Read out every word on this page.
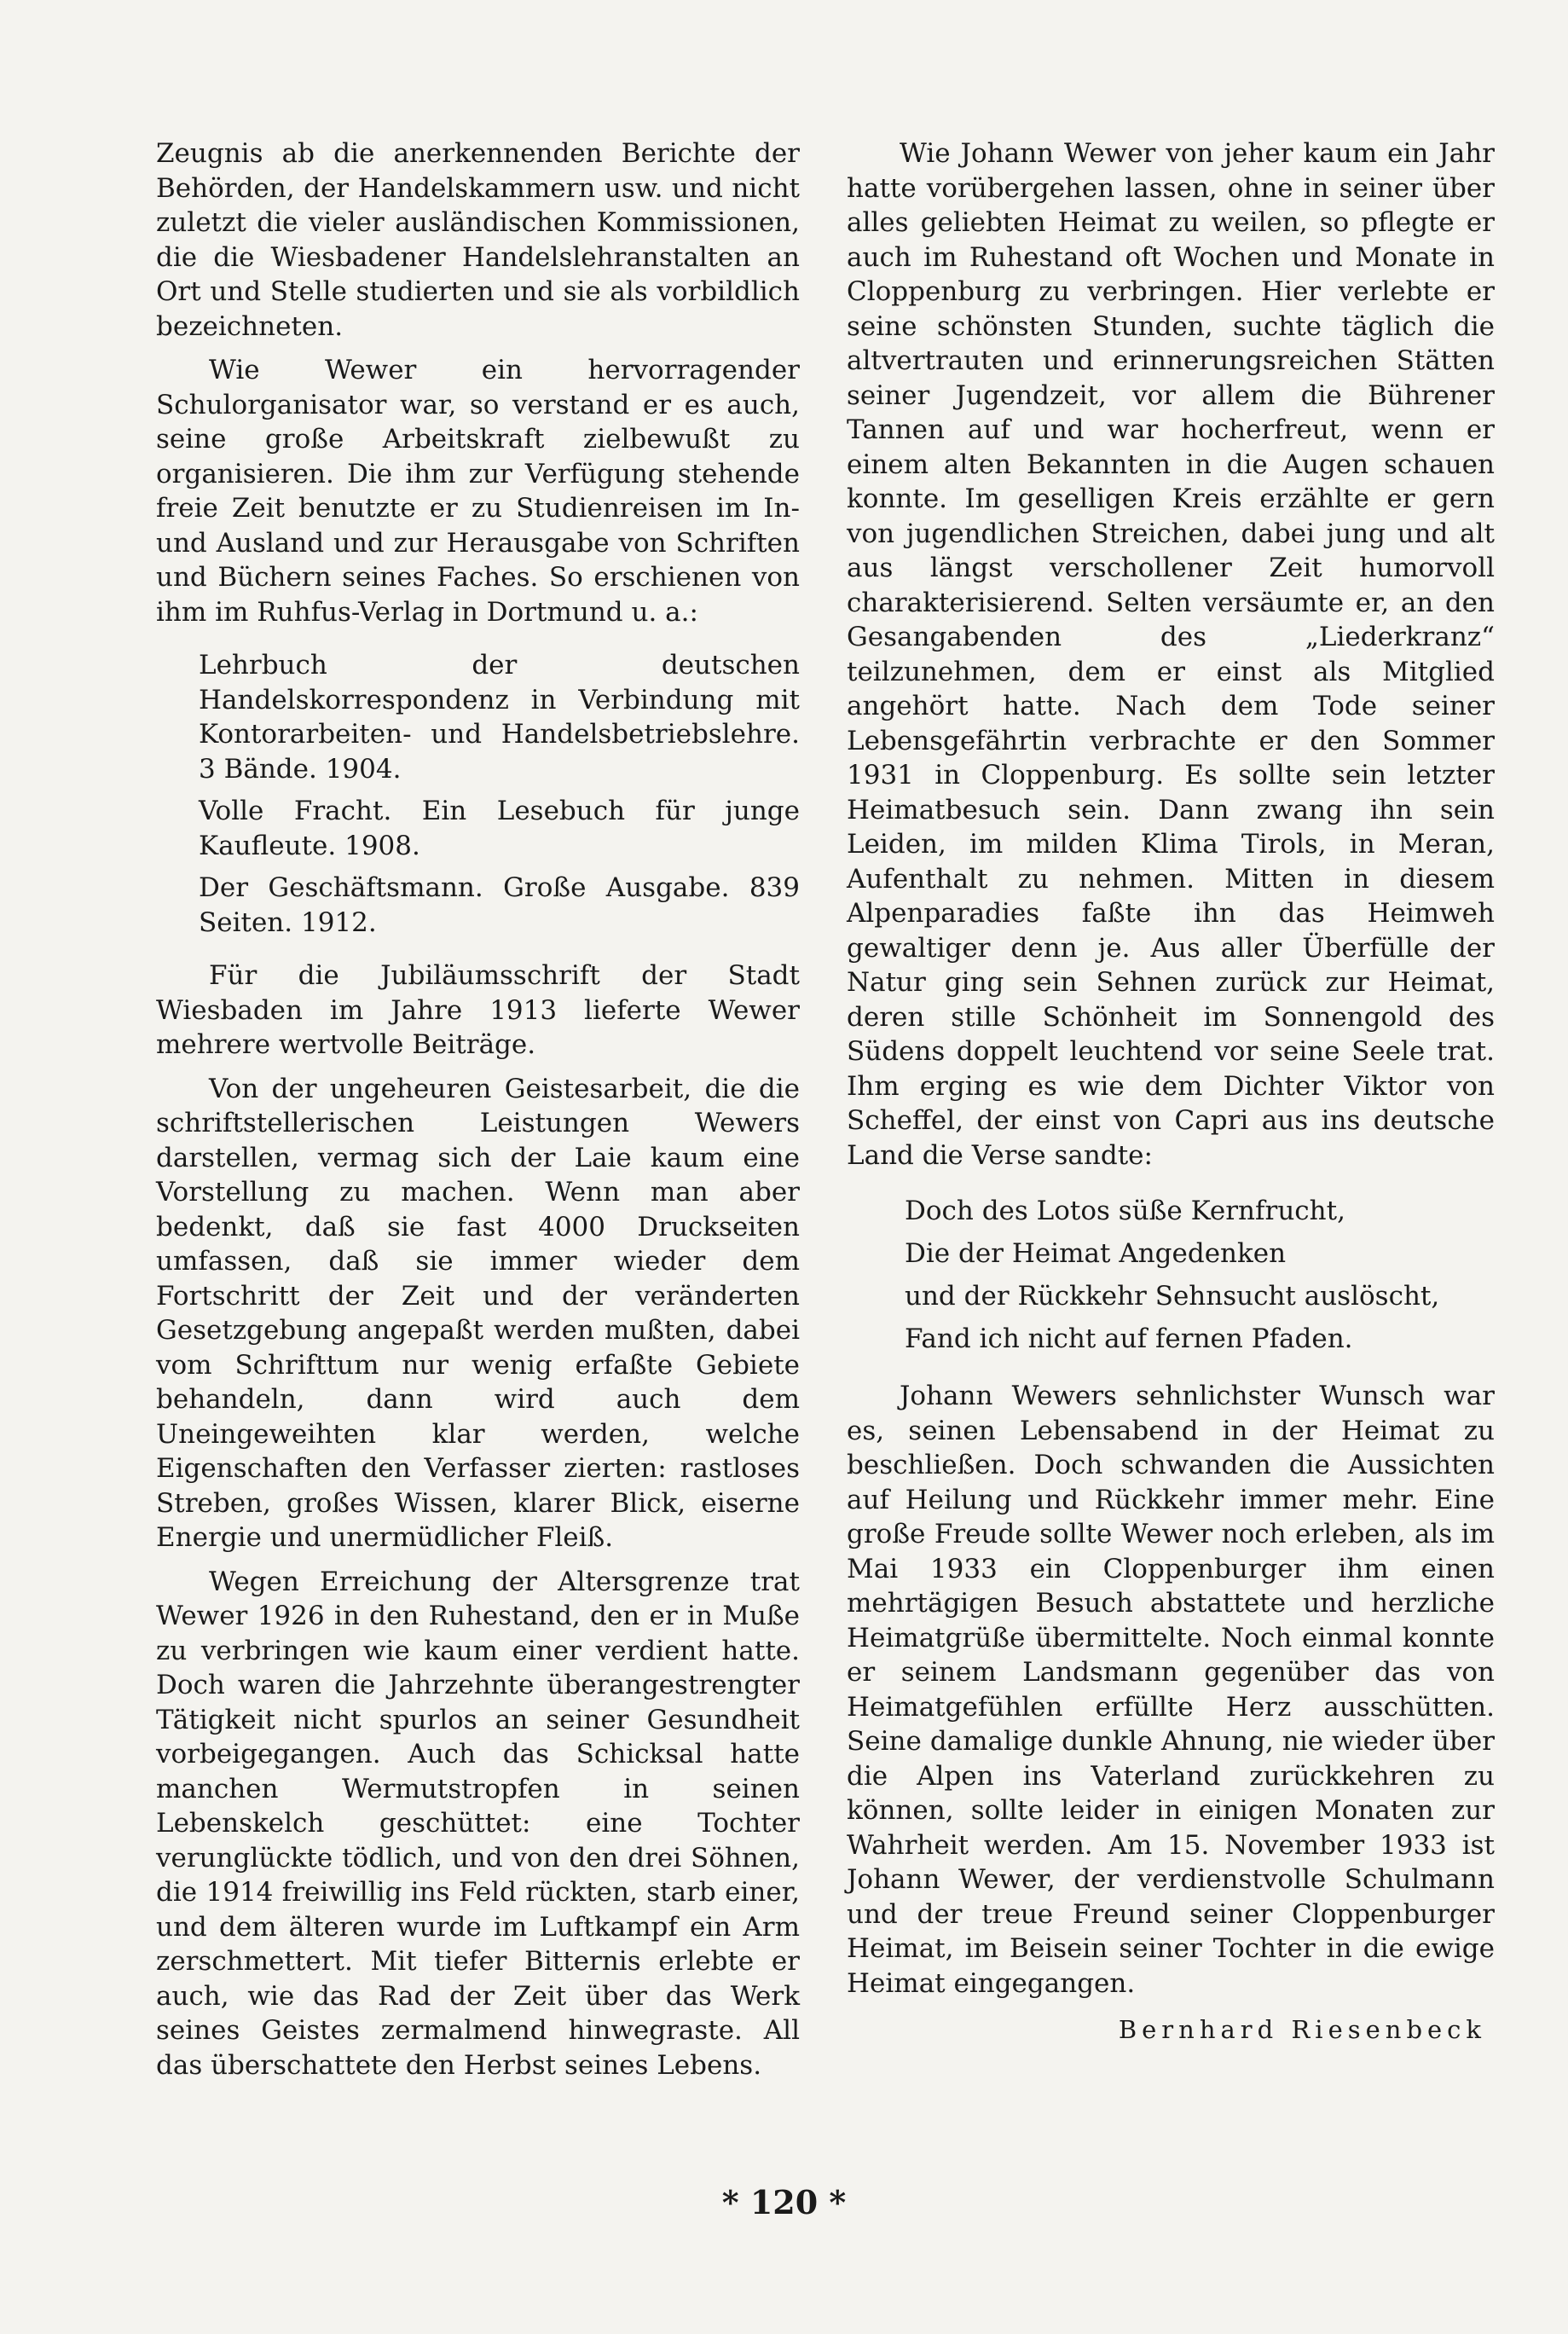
Zeugnis ab die anerkennenden Berichte der Behörden, der Handelskammern usw. und nicht zuletzt die vieler ausländischen Kommissionen, die die Wiesbadener Handelslehranstalten an Ort und Stelle studierten und sie als vorbildlich bezeichneten.

Wie Wewer ein hervorragender Schulorganisator war, so verstand er es auch, seine große Arbeitskraft zielbewußt zu organisieren. Die ihm zur Verfügung stehende freie Zeit benutzte er zu Studienreisen im In- und Ausland und zur Herausgabe von Schriften und Büchern seines Faches. So erschienen von ihm im Ruhfus-Verlag in Dortmund u. a.:

Lehrbuch der deutschen Handelskorrespondenz in Verbindung mit Kontorarbeiten- und Handelsbetriebslehre. 3 Bände. 1904.

Volle Fracht. Ein Lesebuch für junge Kaufleute. 1908.

Der Geschäftsmann. Große Ausgabe. 839 Seiten. 1912.

Für die Jubiläumsschrift der Stadt Wiesbaden im Jahre 1913 lieferte Wewer mehrere wertvolle Beiträge.

Von der ungeheuren Geistesarbeit, die die schriftstellerischen Leistungen Wewers darstellen, vermag sich der Laie kaum eine Vorstellung zu machen. Wenn man aber bedenkt, daß sie fast 4000 Druckseiten umfassen, daß sie immer wieder dem Fortschritt der Zeit und der veränderten Gesetzgebung angepaßt werden mußten, dabei vom Schrifttum nur wenig erfaßte Gebiete behandeln, dann wird auch dem Uneingeweihten klar werden, welche Eigenschaften den Verfasser zierten: rastloses Streben, großes Wissen, klarer Blick, eiserne Energie und unermüdlicher Fleiß.

Wegen Erreichung der Altersgrenze trat Wewer 1926 in den Ruhestand, den er in Muße zu verbringen wie kaum einer verdient hatte. Doch waren die Jahrzehnte überangestrengter Tätigkeit nicht spurlos an seiner Gesundheit vorbeigegangen. Auch das Schicksal hatte manchen Wermutstropfen in seinen Lebenskelch geschüttet: eine Tochter verunglückte tödlich, und von den drei Söhnen, die 1914 freiwillig ins Feld rückten, starb einer, und dem älteren wurde im Luftkampf ein Arm zerschmettert. Mit tiefer Bitternis erlebte er auch, wie das Rad der Zeit über das Werk seines Geistes zermalmend hinwegraste. All das überschattete den Herbst seines Lebens.

Wie Johann Wewer von jeher kaum ein Jahr hatte vorübergehen lassen, ohne in seiner über alles geliebten Heimat zu weilen, so pflegte er auch im Ruhestand oft Wochen und Monate in Cloppenburg zu verbringen. Hier verlebte er seine schönsten Stunden, suchte täglich die altvertrauten und erinnerungsreichen Stätten seiner Jugendzeit, vor allem die Bührener Tannen auf und war hocherfreut, wenn er einem alten Bekannten in die Augen schauen konnte. Im geselligen Kreis erzählte er gern von jugendlichen Streichen, dabei jung und alt aus längst verschollener Zeit humorvoll charakterisierend. Selten versäumte er, an den Gesangabenden des „Liederkranz“ teilzunehmen, dem er einst als Mitglied angehört hatte. Nach dem Tode seiner Lebensgefährtin verbrachte er den Sommer 1931 in Cloppenburg. Es sollte sein letzter Heimatbesuch sein. Dann zwang ihn sein Leiden, im milden Klima Tirols, in Meran, Aufenthalt zu nehmen. Mitten in diesem Alpenparadies faßte ihn das Heimweh gewaltiger denn je. Aus aller Überfülle der Natur ging sein Sehnen zurück zur Heimat, deren stille Schönheit im Sonnengold des Südens doppelt leuchtend vor seine Seele trat. Ihm erging es wie dem Dichter Viktor von Scheffel, der einst von Capri aus ins deutsche Land die Verse sandte:

Doch des Lotos süße Kernfrucht,
Die der Heimat Angedenken
und der Rückkehr Sehnsucht auslöscht,
Fand ich nicht auf fernen Pfaden.

Johann Wewers sehnlichster Wunsch war es, seinen Lebensabend in der Heimat zu beschließen. Doch schwanden die Aussichten auf Heilung und Rückkehr immer mehr. Eine große Freude sollte Wewer noch erleben, als im Mai 1933 ein Cloppenburger ihm einen mehrtägigen Besuch abstattete und herzliche Heimatgrüße übermittelte. Noch einmal konnte er seinem Landsmann gegenüber das von Heimatgefühlen erfüllte Herz ausschütten. Seine damalige dunkle Ahnung, nie wieder über die Alpen ins Vaterland zurückkehren zu können, sollte leider in einigen Monaten zur Wahrheit werden. Am 15. November 1933 ist Johann Wewer, der verdienstvolle Schulmann und der treue Freund seiner Cloppenburger Heimat, im Beisein seiner Tochter in die ewige Heimat eingegangen.

Bernhard Riesenbeck
* 120 *
